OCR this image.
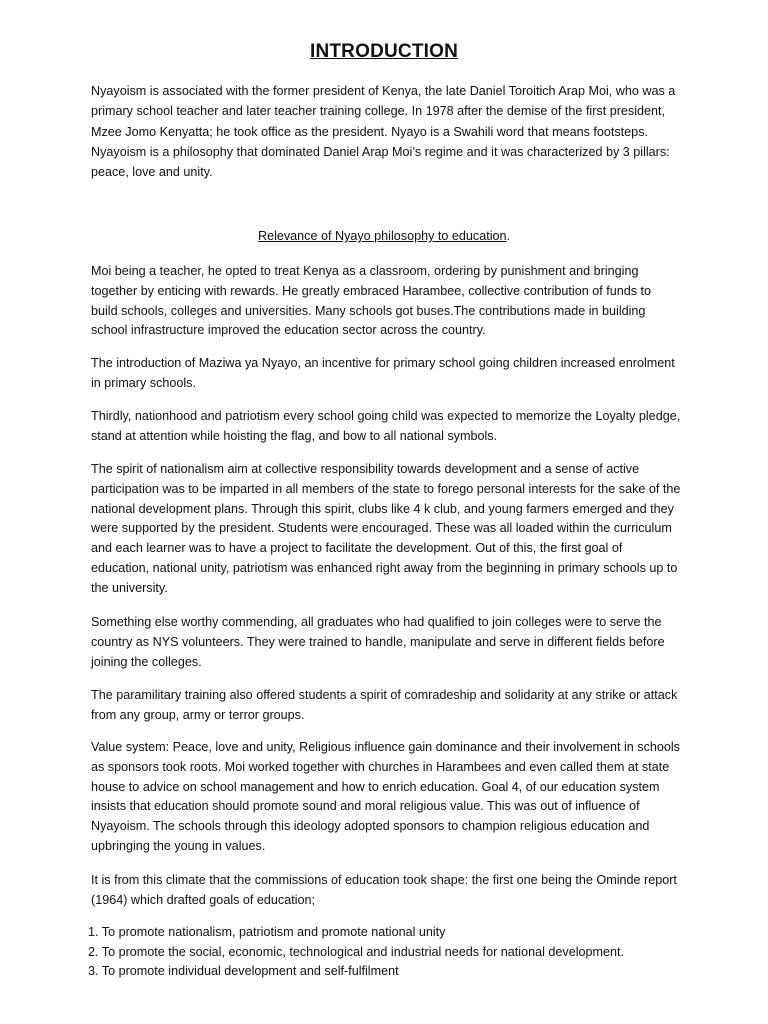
INTRODUCTION

Nyayoism is associated with the former president of Kenya, the late Daniel Toroitich Arap Moi, who was a primary school teacher and later teacher training college. In 1978 after the demise of the first president, Mzee Jomo Kenyatta; he took office as the president. Nyayo is a Swahili word that means footsteps. Nyayoism is a philosophy that dominated Daniel Arap Moi’s regime and it was characterized by 3 pillars: peace, love and unity.

Relevance of Nyayo philosophy to education.

Moi being a teacher, he opted to treat Kenya as a classroom, ordering by punishment and bringing together by enticing with rewards. He greatly embraced Harambee, collective contribution of funds to build schools, colleges and universities. Many schools got buses.The contributions made in building school infrastructure improved the education sector across the country.

The introduction of Maziwa ya Nyayo, an incentive for primary school going children increased enrolment in primary schools.

Thirdly, nationhood and patriotism every school going child was expected to memorize the Loyalty pledge, stand at attention while hoisting the flag, and bow to all national symbols.

The spirit of nationalism aim at collective responsibility towards development and a sense of active participation was to be imparted in all members of the state to forego personal interests for the sake of the national development plans. Through this spirit, clubs like 4 k club, and young farmers emerged and they were supported by the president. Students were encouraged. These was all loaded within the curriculum and each learner was to have a project to facilitate the development. Out of this, the first goal of education, national unity, patriotism was enhanced right away from the beginning in primary schools up to the university.

Something else worthy commending, all graduates who had qualified to join colleges were to serve the country as NYS volunteers. They were trained to handle, manipulate and serve in different fields before joining the colleges.

The paramilitary training also offered students a spirit of comradeship and solidarity at any strike or attack from any group, army or terror groups.

Value system: Peace, love and unity, Religious influence gain dominance and their involvement in schools as sponsors took roots. Moi worked together with churches in Harambees and even called them at state house to advice on school management and how to enrich education. Goal 4, of our education system insists that education should promote sound and moral religious value. This was out of influence of Nyayoism. The schools through this ideology adopted sponsors to champion religious education and upbringing the young in values.

It is from this climate that the commissions of education took shape: the first one being the Ominde report (1964) which drafted goals of education;

1. To promote nationalism, patriotism and promote national unity
2. To promote the social, economic, technological and industrial needs for national development.
3. To promote individual development and self-fulfilment
